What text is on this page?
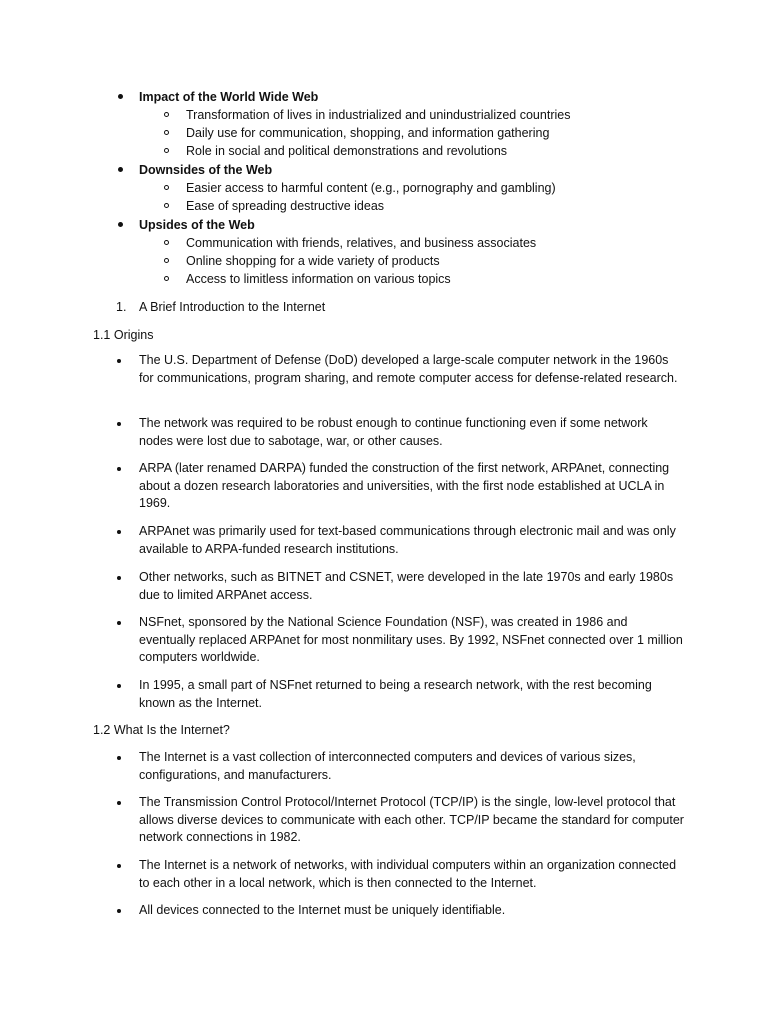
Impact of the World Wide Web
Transformation of lives in industrialized and unindustrialized countries
Daily use for communication, shopping, and information gathering
Role in social and political demonstrations and revolutions
Downsides of the Web
Easier access to harmful content (e.g., pornography and gambling)
Ease of spreading destructive ideas
Upsides of the Web
Communication with friends, relatives, and business associates
Online shopping for a wide variety of products
Access to limitless information on various topics
1. A Brief Introduction to the Internet
1.1 Origins
The U.S. Department of Defense (DoD) developed a large-scale computer network in the 1960s for communications, program sharing, and remote computer access for defense-related research.
The network was required to be robust enough to continue functioning even if some network nodes were lost due to sabotage, war, or other causes.
ARPA (later renamed DARPA) funded the construction of the first network, ARPAnet, connecting about a dozen research laboratories and universities, with the first node established at UCLA in 1969.
ARPAnet was primarily used for text-based communications through electronic mail and was only available to ARPA-funded research institutions.
Other networks, such as BITNET and CSNET, were developed in the late 1970s and early 1980s due to limited ARPAnet access.
NSFnet, sponsored by the National Science Foundation (NSF), was created in 1986 and eventually replaced ARPAnet for most nonmilitary uses. By 1992, NSFnet connected over 1 million computers worldwide.
In 1995, a small part of NSFnet returned to being a research network, with the rest becoming known as the Internet.
1.2 What Is the Internet?
The Internet is a vast collection of interconnected computers and devices of various sizes, configurations, and manufacturers.
The Transmission Control Protocol/Internet Protocol (TCP/IP) is the single, low-level protocol that allows diverse devices to communicate with each other. TCP/IP became the standard for computer network connections in 1982.
The Internet is a network of networks, with individual computers within an organization connected to each other in a local network, which is then connected to the Internet.
All devices connected to the Internet must be uniquely identifiable.
